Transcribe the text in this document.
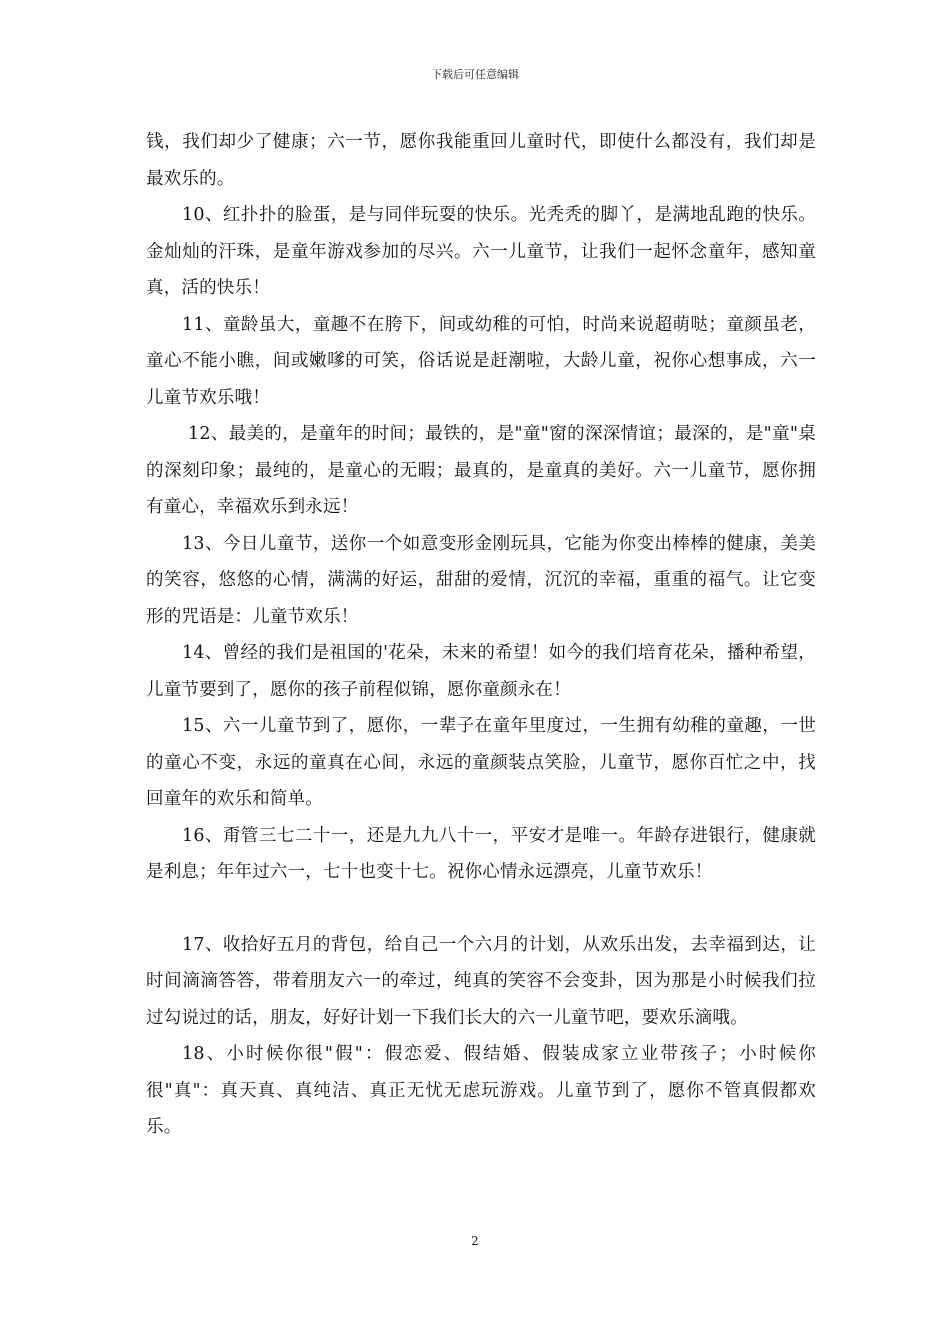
下载后可任意编辑

钱，我们却少了健康；六一节，愿你我能重回儿童时代，即使什么都没有，我们却是最欢乐的。

10、红扑扑的脸蛋，是与同伴玩耍的快乐。光秃秃的脚丫，是满地乱跑的快乐。金灿灿的汗珠，是童年游戏参加的尽兴。六一儿童节，让我们一起怀念童年，感知童真，活的快乐！

11、童龄虽大，童趣不在胯下，间或幼稚的可怕，时尚来说超萌哒；童颜虽老，童心不能小瞧，间或嫩嗲的可笑，俗话说是赶潮啦，大龄儿童，祝你心想事成，六一儿童节欢乐哦！

12、最美的，是童年的时间；最铁的，是"童"窗的深深情谊；最深的，是"童"桌的深刻印象；最纯的，是童心的无暇；最真的，是童真的美好。六一儿童节，愿你拥有童心，幸福欢乐到永远！

13、今日儿童节，送你一个如意变形金刚玩具，它能为你变出棒棒的健康，美美的笑容，悠悠的心情，满满的好运，甜甜的爱情，沉沉的幸福，重重的福气。让它变形的咒语是：儿童节欢乐！

14、曾经的我们是祖国的'花朵，未来的希望！如今的我们培育花朵，播种希望，儿童节要到了，愿你的孩子前程似锦，愿你童颜永在！

15、六一儿童节到了，愿你，一辈子在童年里度过，一生拥有幼稚的童趣，一世的童心不变，永远的童真在心间，永远的童颜装点笑脸，儿童节，愿你百忙之中，找回童年的欢乐和简单。

16、甭管三七二十一，还是九九八十一，平安才是唯一。年龄存进银行，健康就是利息；年年过六一，七十也变十七。祝你心情永远漂亮，儿童节欢乐！

17、收拾好五月的背包，给自己一个六月的计划，从欢乐出发，去幸福到达，让时间滴滴答答，带着朋友六一的牵过，纯真的笑容不会变卦，因为那是小时候我们拉过勾说过的话，朋友，好好计划一下我们长大的六一儿童节吧，要欢乐滴哦。

18、小时候你很"假"：假恋爱、假结婚、假装成家立业带孩子；小时候你很"真"：真天真、真纯洁、真正无忧无虑玩游戏。儿童节到了，愿你不管真假都欢乐。

2
